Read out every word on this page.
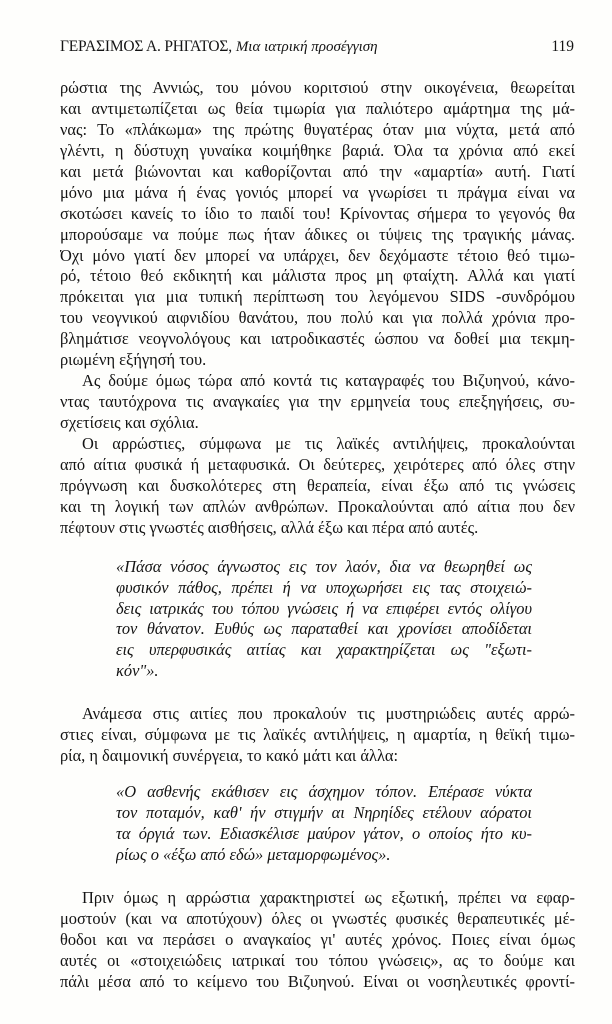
ΓΕΡΑΣΙΜΟΣ Α. ΡΗΓΑΤΟΣ, Μια ιατρική προσέγγιση	119
ρώστια της Αννιώς, του μόνου κοριτσιού στην οικογένεια, θεωρείται
και αντιμετωπίζεται ως θεία τιμωρία για παλιότερο αμάρτημα της μά-
νας: Το «πλάκωμα» της πρώτης θυγατέρας όταν μια νύχτα, μετά από
γλέντι, η δύστυχη γυναίκα κοιμήθηκε βαριά. Όλα τα χρόνια από εκεί
και μετά βιώνονται και καθορίζονται από την «αμαρτία» αυτή. Γιατί
μόνο μια μάνα ή ένας γονιός μπορεί να γνωρίσει τι πράγμα είναι να
σκοτώσει κανείς το ίδιο το παιδί του! Κρίνοντας σήμερα το γεγονός θα
μπορούσαμε να πούμε πως ήταν άδικες οι τύψεις της τραγικής μάνας.
Όχι μόνο γιατί δεν μπορεί να υπάρχει, δεν δεχόμαστε τέτοιο θεό τιμω-
ρό, τέτοιο θεό εκδικητή και μάλιστα προς μη φταίχτη. Αλλά και γιατί
πρόκειται για μια τυπική περίπτωση του λεγόμενου SIDS -συνδρόμου
του νεογνικού αιφνιδίου θανάτου, που πολύ και για πολλά χρόνια προ-
βλημάτισε νεογνολόγους και ιατροδικαστές ώσπου να δοθεί μια τεκμη-
ριωμένη εξήγησή του.
Ας δούμε όμως τώρα από κοντά τις καταγραφές του Βιζυηνού, κάνο-
ντας ταυτόχρονα τις αναγκαίες για την ερμηνεία τους επεξηγήσεις, συ-
σχετίσεις και σχόλια.
Οι αρρώστιες, σύμφωνα με τις λαϊκές αντιλήψεις, προκαλούνται
από αίτια φυσικά ή μεταφυσικά. Οι δεύτερες, χειρότερες από όλες στην
πρόγνωση και δυσκολότερες στη θεραπεία, είναι έξω από τις γνώσεις
και τη λογική των απλών ανθρώπων. Προκαλούνται από αίτια που δεν
πέφτουν στις γνωστές αισθήσεις, αλλά έξω και πέρα από αυτές.
«Πάσα νόσος άγνωστος εις τον λαόν, δια να θεωρηθεί ως
φυσικόν πάθος, πρέπει ή να υποχωρήσει εις τας στοιχειώ-
δεις ιατρικάς του τόπου γνώσεις ή να επιφέρει εντός ολίγου
τον θάνατον. Ευθύς ως παραταθεί και χρονίσει αποδίδεται
εις υπερφυσικάς αιτίας και χαρακτηρίζεται ως "εξωτι-
κόν"».
Ανάμεσα στις αιτίες που προκαλούν τις μυστηριώδεις αυτές αρρώ-
στιες είναι, σύμφωνα με τις λαϊκές αντιλήψεις, η αμαρτία, η θεϊκή τιμω-
ρία, η δαιμονική συνέργεια, το κακό μάτι και άλλα:
«Ο ασθενής εκάθισεν εις άσχημον τόπον. Επέρασε νύκτα
τον ποταμόν, καθ' ήν στιγμήν αι Νηρηίδες ετέλουν αόρατοι
τα όργιά των. Εδιασκέλισε μαύρον γάτον, ο οποίος ήτο κυ-
ρίως ο «έξω από εδώ» μεταμορφωμένος».
Πριν όμως η αρρώστια χαρακτηριστεί ως εξωτική, πρέπει να εφαρ-
μοστούν (και να αποτύχουν) όλες οι γνωστές φυσικές θεραπευτικές μέ-
θοδοι και να περάσει ο αναγκαίος γι' αυτές χρόνος. Ποιες είναι όμως
αυτές οι «στοιχειώδεις ιατρικαί του τόπου γνώσεις», ας το δούμε και
πάλι μέσα από το κείμενο του Βιζυηνού. Είναι οι νοσηλευτικές φροντί-
